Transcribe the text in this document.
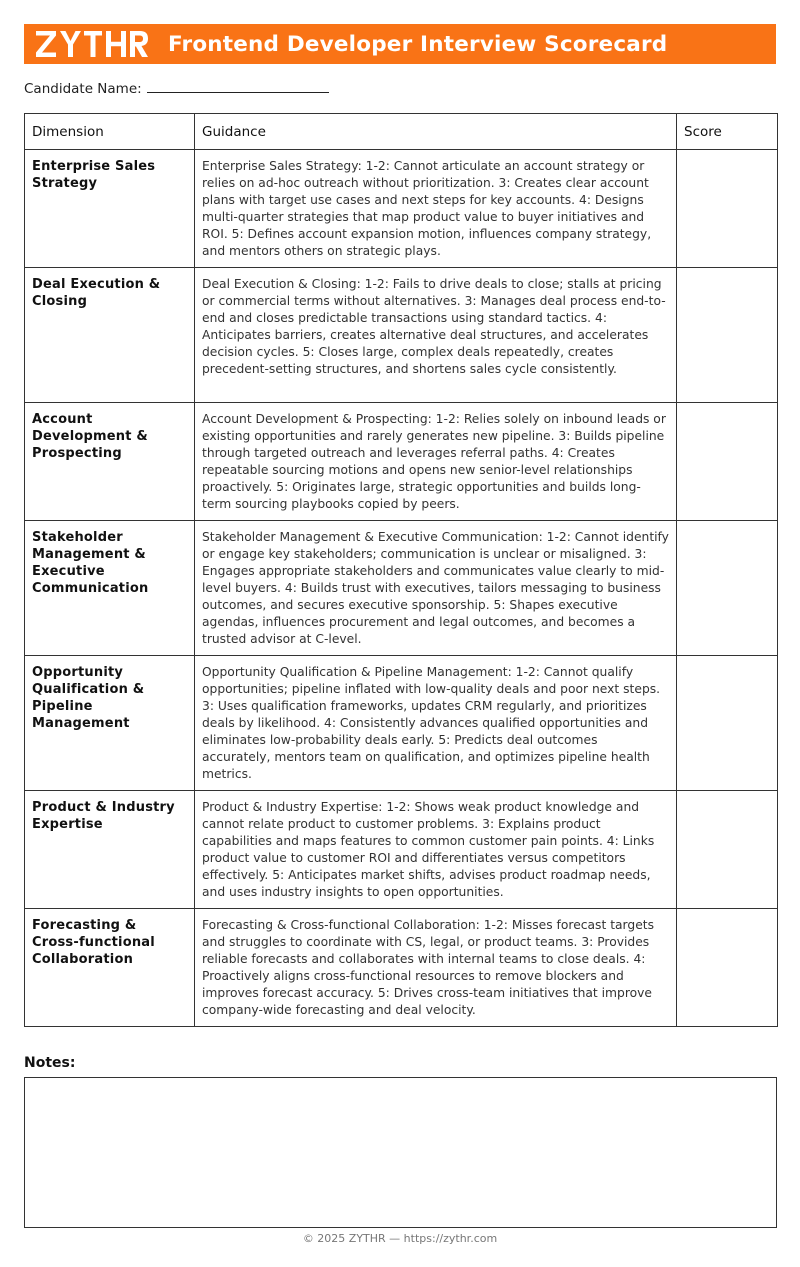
Frontend Developer Interview Scorecard
Candidate Name:
Dimension	Guidance	Score
Enterprise Sales Strategy	Enterprise Sales Strategy: 1-2: Cannot articulate an account strategy or relies on ad-hoc outreach without prioritization. 3: Creates clear account plans with target use cases and next steps for key accounts. 4: Designs multi-quarter strategies that map product value to buyer initiatives and ROI. 5: Defines account expansion motion, influences company strategy, and mentors others on strategic plays.	
Deal Execution & Closing	Deal Execution & Closing: 1-2: Fails to drive deals to close; stalls at pricing or commercial terms without alternatives. 3: Manages deal process end-to-end and closes predictable transactions using standard tactics. 4: Anticipates barriers, creates alternative deal structures, and accelerates decision cycles. 5: Closes large, complex deals repeatedly, creates precedent-setting structures, and shortens sales cycle consistently.	
Account Development & Prospecting	Account Development & Prospecting: 1-2: Relies solely on inbound leads or existing opportunities and rarely generates new pipeline. 3: Builds pipeline through targeted outreach and leverages referral paths. 4: Creates repeatable sourcing motions and opens new senior-level relationships proactively. 5: Originates large, strategic opportunities and builds long-term sourcing playbooks copied by peers.	
Stakeholder Management & Executive Communication	Stakeholder Management & Executive Communication: 1-2: Cannot identify or engage key stakeholders; communication is unclear or misaligned. 3: Engages appropriate stakeholders and communicates value clearly to mid-level buyers. 4: Builds trust with executives, tailors messaging to business outcomes, and secures executive sponsorship. 5: Shapes executive agendas, influences procurement and legal outcomes, and becomes a trusted advisor at C-level.	
Opportunity Qualification & Pipeline Management	Opportunity Qualification & Pipeline Management: 1-2: Cannot qualify opportunities; pipeline inflated with low-quality deals and poor next steps. 3: Uses qualification frameworks, updates CRM regularly, and prioritizes deals by likelihood. 4: Consistently advances qualified opportunities and eliminates low-probability deals early. 5: Predicts deal outcomes accurately, mentors team on qualification, and optimizes pipeline health metrics.	
Product & Industry Expertise	Product & Industry Expertise: 1-2: Shows weak product knowledge and cannot relate product to customer problems. 3: Explains product capabilities and maps features to common customer pain points. 4: Links product value to customer ROI and differentiates versus competitors effectively. 5: Anticipates market shifts, advises product roadmap needs, and uses industry insights to open opportunities.	
Forecasting & Cross-functional Collaboration	Forecasting & Cross-functional Collaboration: 1-2: Misses forecast targets and struggles to coordinate with CS, legal, or product teams. 3: Provides reliable forecasts and collaborates with internal teams to close deals. 4: Proactively aligns cross-functional resources to remove blockers and improves forecast accuracy. 5: Drives cross-team initiatives that improve company-wide forecasting and deal velocity.	
Notes:
© 2025 ZYTHR — https://zythr.com
